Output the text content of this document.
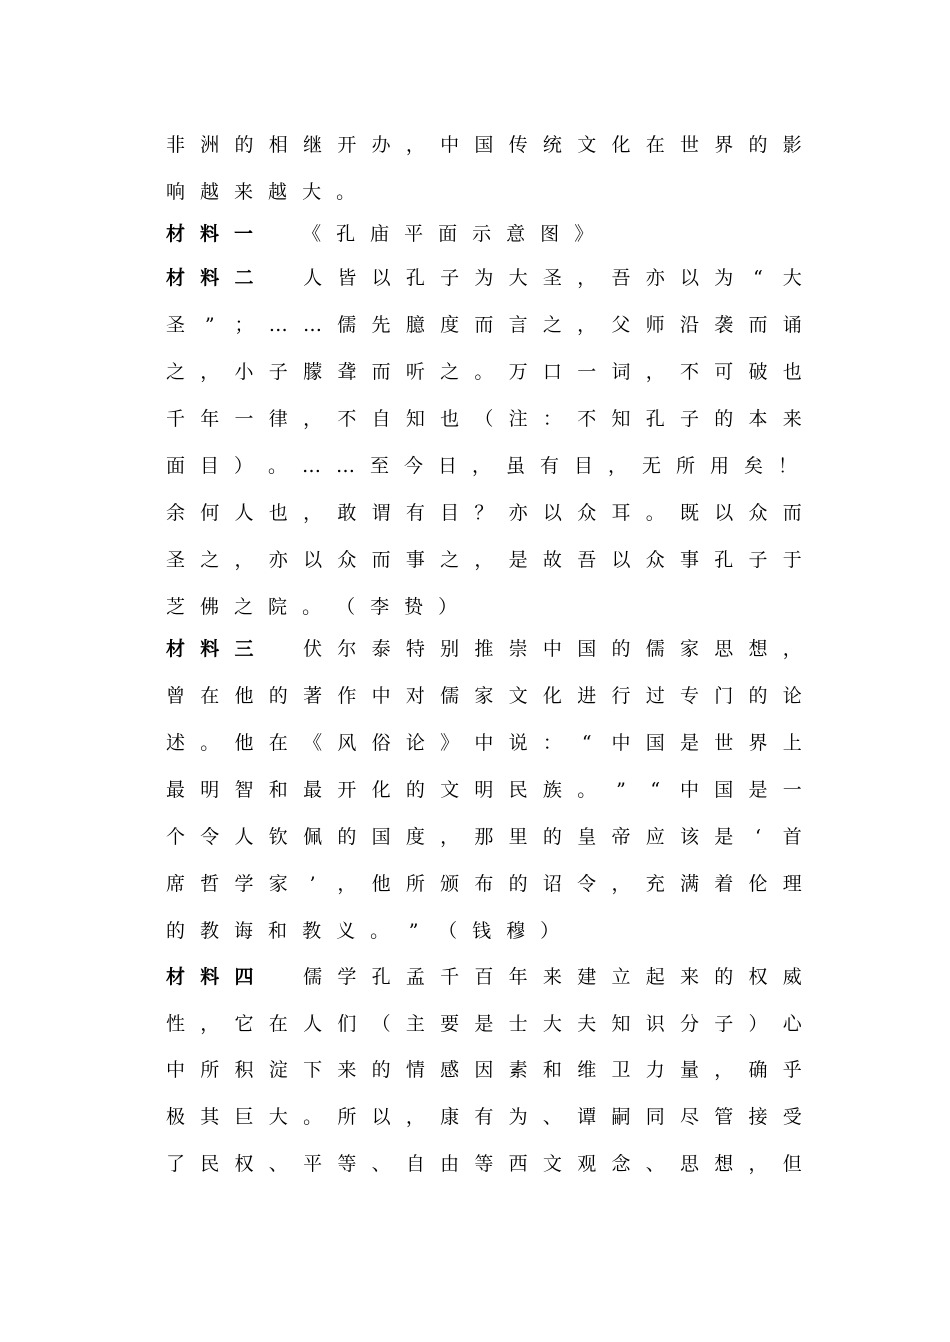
非 洲 的 相 继 开 办 ， 中 国 传 统 文 化 在 世 界 的 影
响 越 来 越 大 。
材 料 一
　	《 孔 庙 平 面 示 意 图 》
材 料 二
　	人 皆 以 孔 子 为 大 圣 ， 吾 亦 以 为 “ 大
圣 ” ； … … 儒 先 臆 度 而 言 之 ， 父 师 沿 袭 而 诵
之 ， 小 子 朦 聋 而 听 之 。 万 口 一 词 ， 不 可 破 也
千 年 一 律 ， 不 自 知 也 （ 注 ： 不 知 孔 子 的 本 来
面 目 ） 。 … … 至 今 日 ， 虽 有 目 ， 无 所 用 矣 ！
余 何 人 也 ， 敢 谓 有 目 ？ 亦 以 众 耳 。 既 以 众 而
圣 之 ， 亦 以 众 而 事 之 ， 是 故 吾 以 众 事 孔 子 于
芝 佛 之 院 。 （ 李 贽 ）
材 料 三
　	伏 尔 泰 特 别 推 崇 中 国 的 儒 家 思 想 ，
曾 在 他 的 著 作 中 对 儒 家 文 化 进 行 过 专 门 的 论
述 。 他 在 《 风 俗 论 》 中 说 ： “ 中 国 是 世 界 上
最 明 智 和 最 开 化 的 文 明 民 族 。 ” “ 中 国 是 一
个 令 人 钦 佩 的 国 度 ， 那 里 的 皇 帝 应 该 是	‘	首
席 哲 学 家	’	， 他 所 颁 布 的 诏 令 ， 充 满 着 伦 理
的 教 诲 和 教 义 。 ” （ 钱 穆 ）
材 料 四
　	儒 学 孔 孟 千 百 年 来 建 立 起 来 的 权 威
性 ， 它 在 人 们 （ 主 要 是 士 大 夫 知 识 分 子 ） 心
中 所 积 淀 下 来 的 情 感 因 素 和 维 卫 力 量 ， 确 乎
极 其 巨 大 。 所 以 ， 康 有 为 、 谭 嗣 同 尽 管 接 受
了 民 权 、 平 等 、 自 由 等 西 文 观 念 、 思 想 ， 但
